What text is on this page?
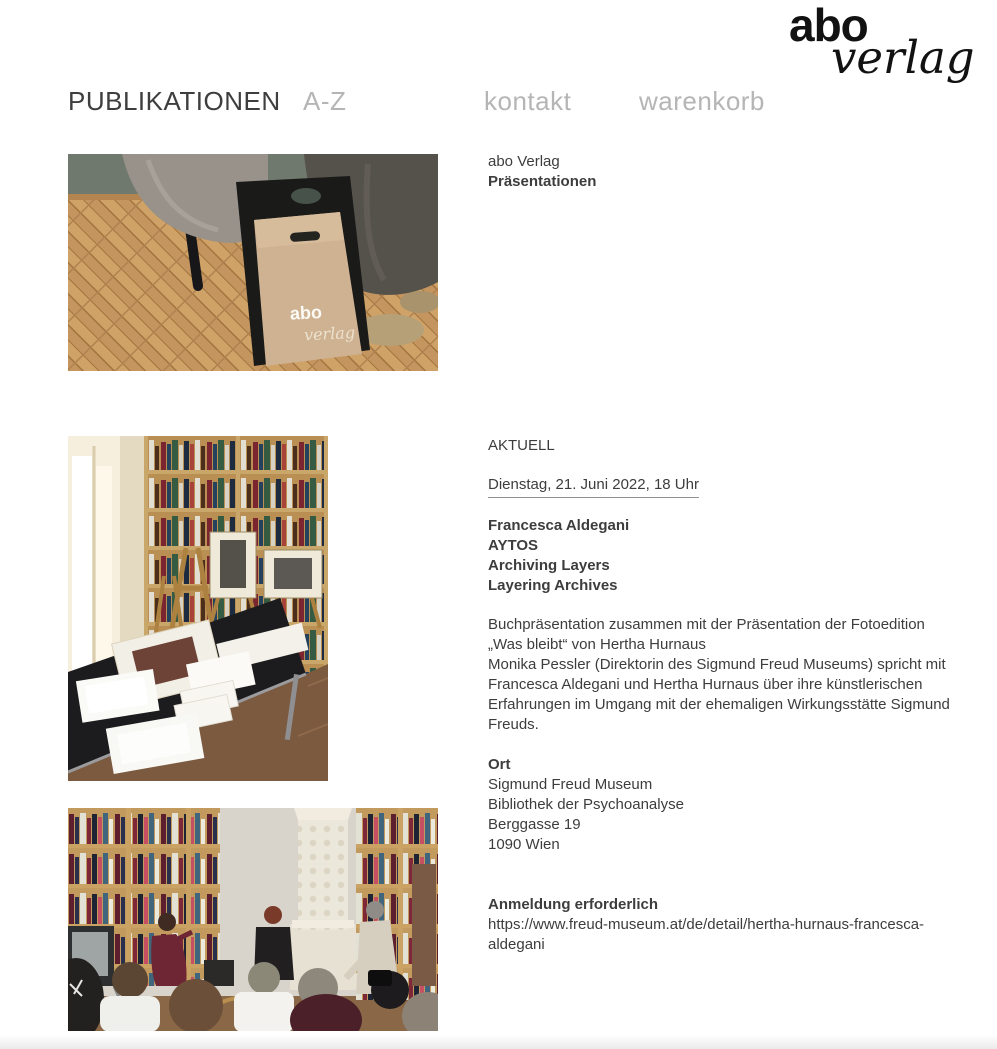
abo
verlag
PUBLIKATIONEN A-Z	kontakt	warenkorb
abo
verlag
abo Verlag
Präsentationen
AKTUELL
Dienstag, 21. Juni 2022, 18 Uhr
Francesca Aldegani
AYTOS
Archiving Layers
Layering Archives

Buchpräsentation zusammen mit der Präsentation der Fotoedition „Was bleibt“ von Hertha Hurnaus

Monika Pessler (Direktorin des Sigmund Freud Museums) spricht mit Francesca Aldegani und Hertha Hurnaus über ihre künstlerischen Erfahrungen im Umgang mit der ehemaligen Wirkungsstätte Sigmund Freuds.

Ort
Sigmund Freud Museum
Bibliothek der Psychoanalyse
Berggasse 19
1090 Wien
Anmeldung erforderlich
https://www.freud-museum.at/de/detail/hertha-hurnaus-francesca-aldegani
